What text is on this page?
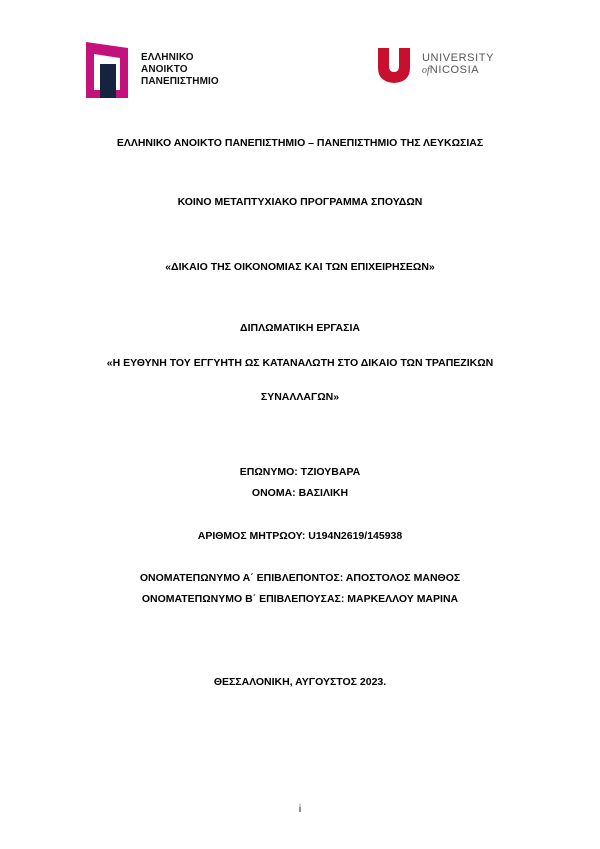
ΕΛΛΗΝΙΚΟ
ΑΝΟΙΚΤΟ
ΠΑΝΕΠΙΣΤΗΜΙΟ
UNIVERSITY
ofNICOSIA
ΕΛΛΗΝΙΚΟ ΑΝΟΙΚΤΟ ΠΑΝΕΠΙΣΤΗΜΙΟ – ΠΑΝΕΠΙΣΤΗΜΙΟ ΤΗΣ ΛΕΥΚΩΣΙΑΣ
ΚΟΙΝΟ ΜΕΤΑΠΤΥΧΙΑΚΟ ΠΡΟΓΡΑΜΜΑ ΣΠΟΥΔΩΝ
«ΔΙΚΑΙΟ ΤΗΣ ΟΙΚΟΝΟΜΙΑΣ ΚΑΙ ΤΩΝ ΕΠΙΧΕΙΡΗΣΕΩΝ»
ΔΙΠΛΩΜΑΤΙΚΗ ΕΡΓΑΣΙΑ
«Η ΕΥΘΥΝΗ ΤΟΥ ΕΓΓΥΗΤΗ ΩΣ ΚΑΤΑΝΑΛΩΤΗ ΣΤΟ ΔΙΚΑΙΟ ΤΩΝ ΤΡΑΠΕΖΙΚΩΝ
ΣΥΝΑΛΛΑΓΩΝ»
ΕΠΩΝΥΜΟ: ΤΖΙΟΥΒΑΡΑ
ΟΝΟΜΑ: ΒΑΣΙΛΙΚΗ
ΑΡΙΘΜΟΣ ΜΗΤΡΩΟΥ: U194N2619/145938
ΟΝΟΜΑΤΕΠΩΝΥΜΟ Α΄ ΕΠΙΒΛΕΠΟΝΤΟΣ: ΑΠΟΣΤΟΛΟΣ ΜΑΝΘΟΣ
ΟΝΟΜΑΤΕΠΩΝΥΜΟ Β΄ ΕΠΙΒΛΕΠΟΥΣΑΣ: ΜΑΡΚΕΛΛΟΥ ΜΑΡΙΝΑ
ΘΕΣΣΑΛΟΝΙΚΗ, ΑΥΓΟΥΣΤΟΣ 2023.
i
